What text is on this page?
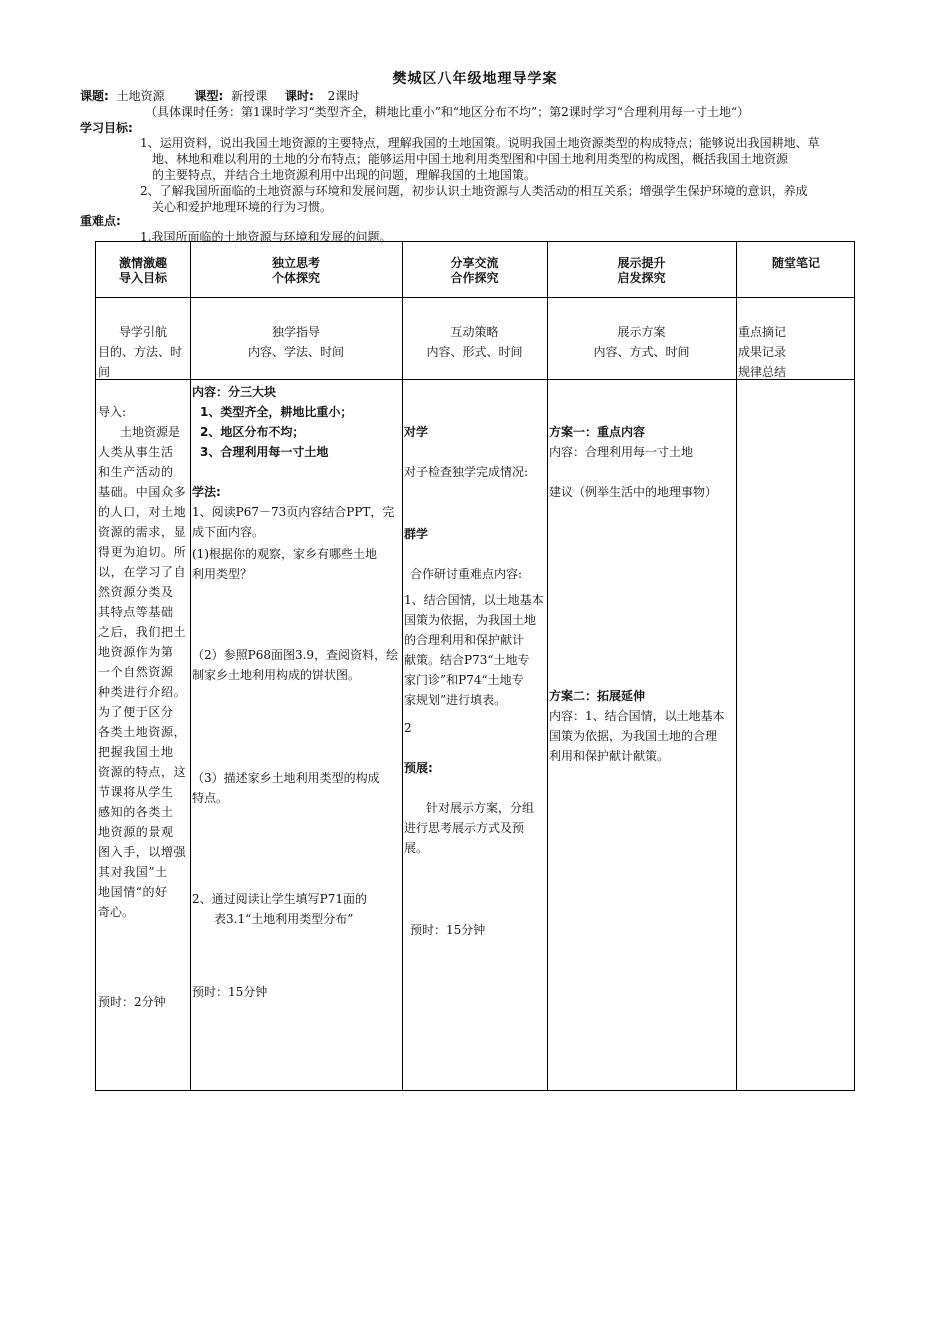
樊城区八年级地理导学案
课题: 土地资源 课型: 新授课 课时: 2课时
（具体课时任务：第1课时学习“类型齐全，耕地比重小”和“地区分布不均”；第2课时学习“合理利用每一寸土地“）
学习目标:
1、运用资料，说出我国土地资源的主要特点，理解我国的土地国策。说明我国土地资源类型的构成特点；能够说出我国耕地、草
地、林地和难以利用的土地的分布特点；能够运用中国土地利用类型图和中国土地利用类型的构成图，概括我国土地资源
的主要特点，并结合土地资源利用中出现的问题，理解我国的土地国策。
2、了解我国所面临的土地资源与环境和发展问题，初步认识土地资源与人类活动的相互关系；增强学生保护环境的意识，养成
关心和爱护地理环境的行为习惯。
重难点:
1.我国所面临的土地资源与环境和发展的问题。
激情激趣
导入目标
独立思考
个体探究
分享交流
合作探究
展示提升
启发探究
随堂笔记
导学引航
目的、方法、时
间
独学指导
内容、学法、时间
互动策略
内容、形式、时间
展示方案
内容、方式、时间
重点摘记
成果记录
规律总结
导入:
土地资源是
人类从事生活
和生产活动的
基础。中国众多
的人口，对土地
资源的需求，显
得更为迫切。所
以，在学习了自
然资源分类及
其特点等基础
之后，我们把土
地资源作为第
一个自然资源
种类进行介绍。
为了便于区分
各类土地资源，
把握我国土地
资源的特点，这
节课将从学生
感知的各类土
地资源的景观
图入手，以增强
其对我国”土
地国情“的好
奇心。
预时：2分钟
内容：分三大块
1、类型齐全，耕地比重小；
2、地区分布不均；
3、合理利用每一寸土地
学法:
1、阅读P67－73页内容结合PPT，完
成下面内容。
(1)根据你的观察，家乡有哪些土地
利用类型？
（2）参照P68面图3.9，查阅资料，绘
制家乡土地利用构成的饼状图。
（3）描述家乡土地利用类型的构成
特点。
2、通过阅读让学生填写P71面的
表3.1“土地利用类型分布”
预时：15分钟
对学
对子检查独学完成情况:
群学
合作研讨重难点内容:
1、结合国情，以土地基本
国策为依据，为我国土地
的合理利用和保护献计
献策。结合P73“土地专
家门诊”和P74“土地专
家规划”进行填表。
2
预展:
针对展示方案，分组
进行思考展示方式及预
展。
预时：15分钟
方案一：重点内容
内容：合理利用每一寸土地
建议（例举生活中的地理事物）
方案二：拓展延伸
内容：1、结合国情，以土地基本
国策为依据，为我国土地的合理
利用和保护献计献策。
